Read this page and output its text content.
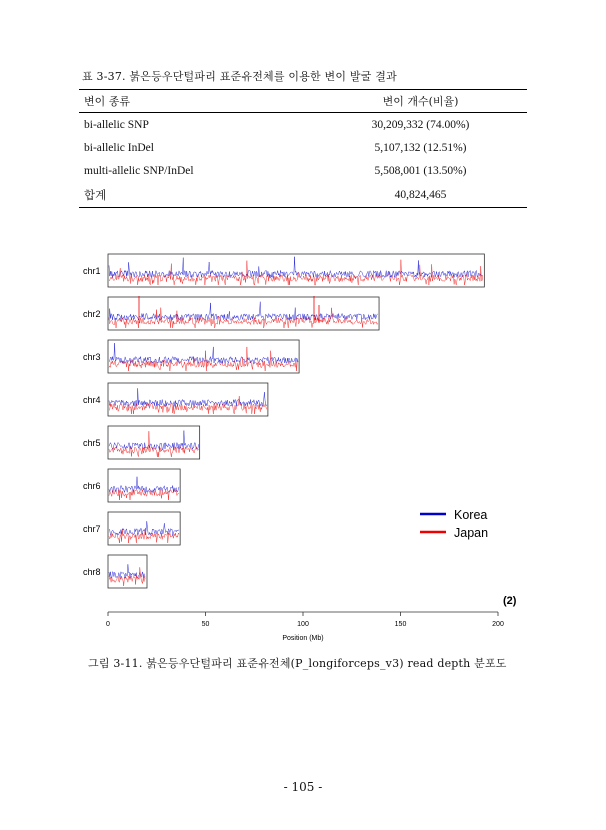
표 3-37. 붉은등우단털파리 표준유전체를 이용한 변이 발굴 결과
변이 종류	변이 개수(비율)
bi-allelic SNP	30,209,332 (74.00%)
bi-allelic InDel	5,107,132 (12.51%)
multi-allelic SNP/InDel	5,508,001 (13.50%)
합계	40,824,465
chr1
chr2
chr3
chr4
chr5
chr6
chr7
chr8
0	50	100	150	200
Position (Mb)
Korea
Japan
(2)
그림 3-11. 붉은등우단털파리 표준유전체(P_longiforceps_v3) read depth 분포도
- 105 -
